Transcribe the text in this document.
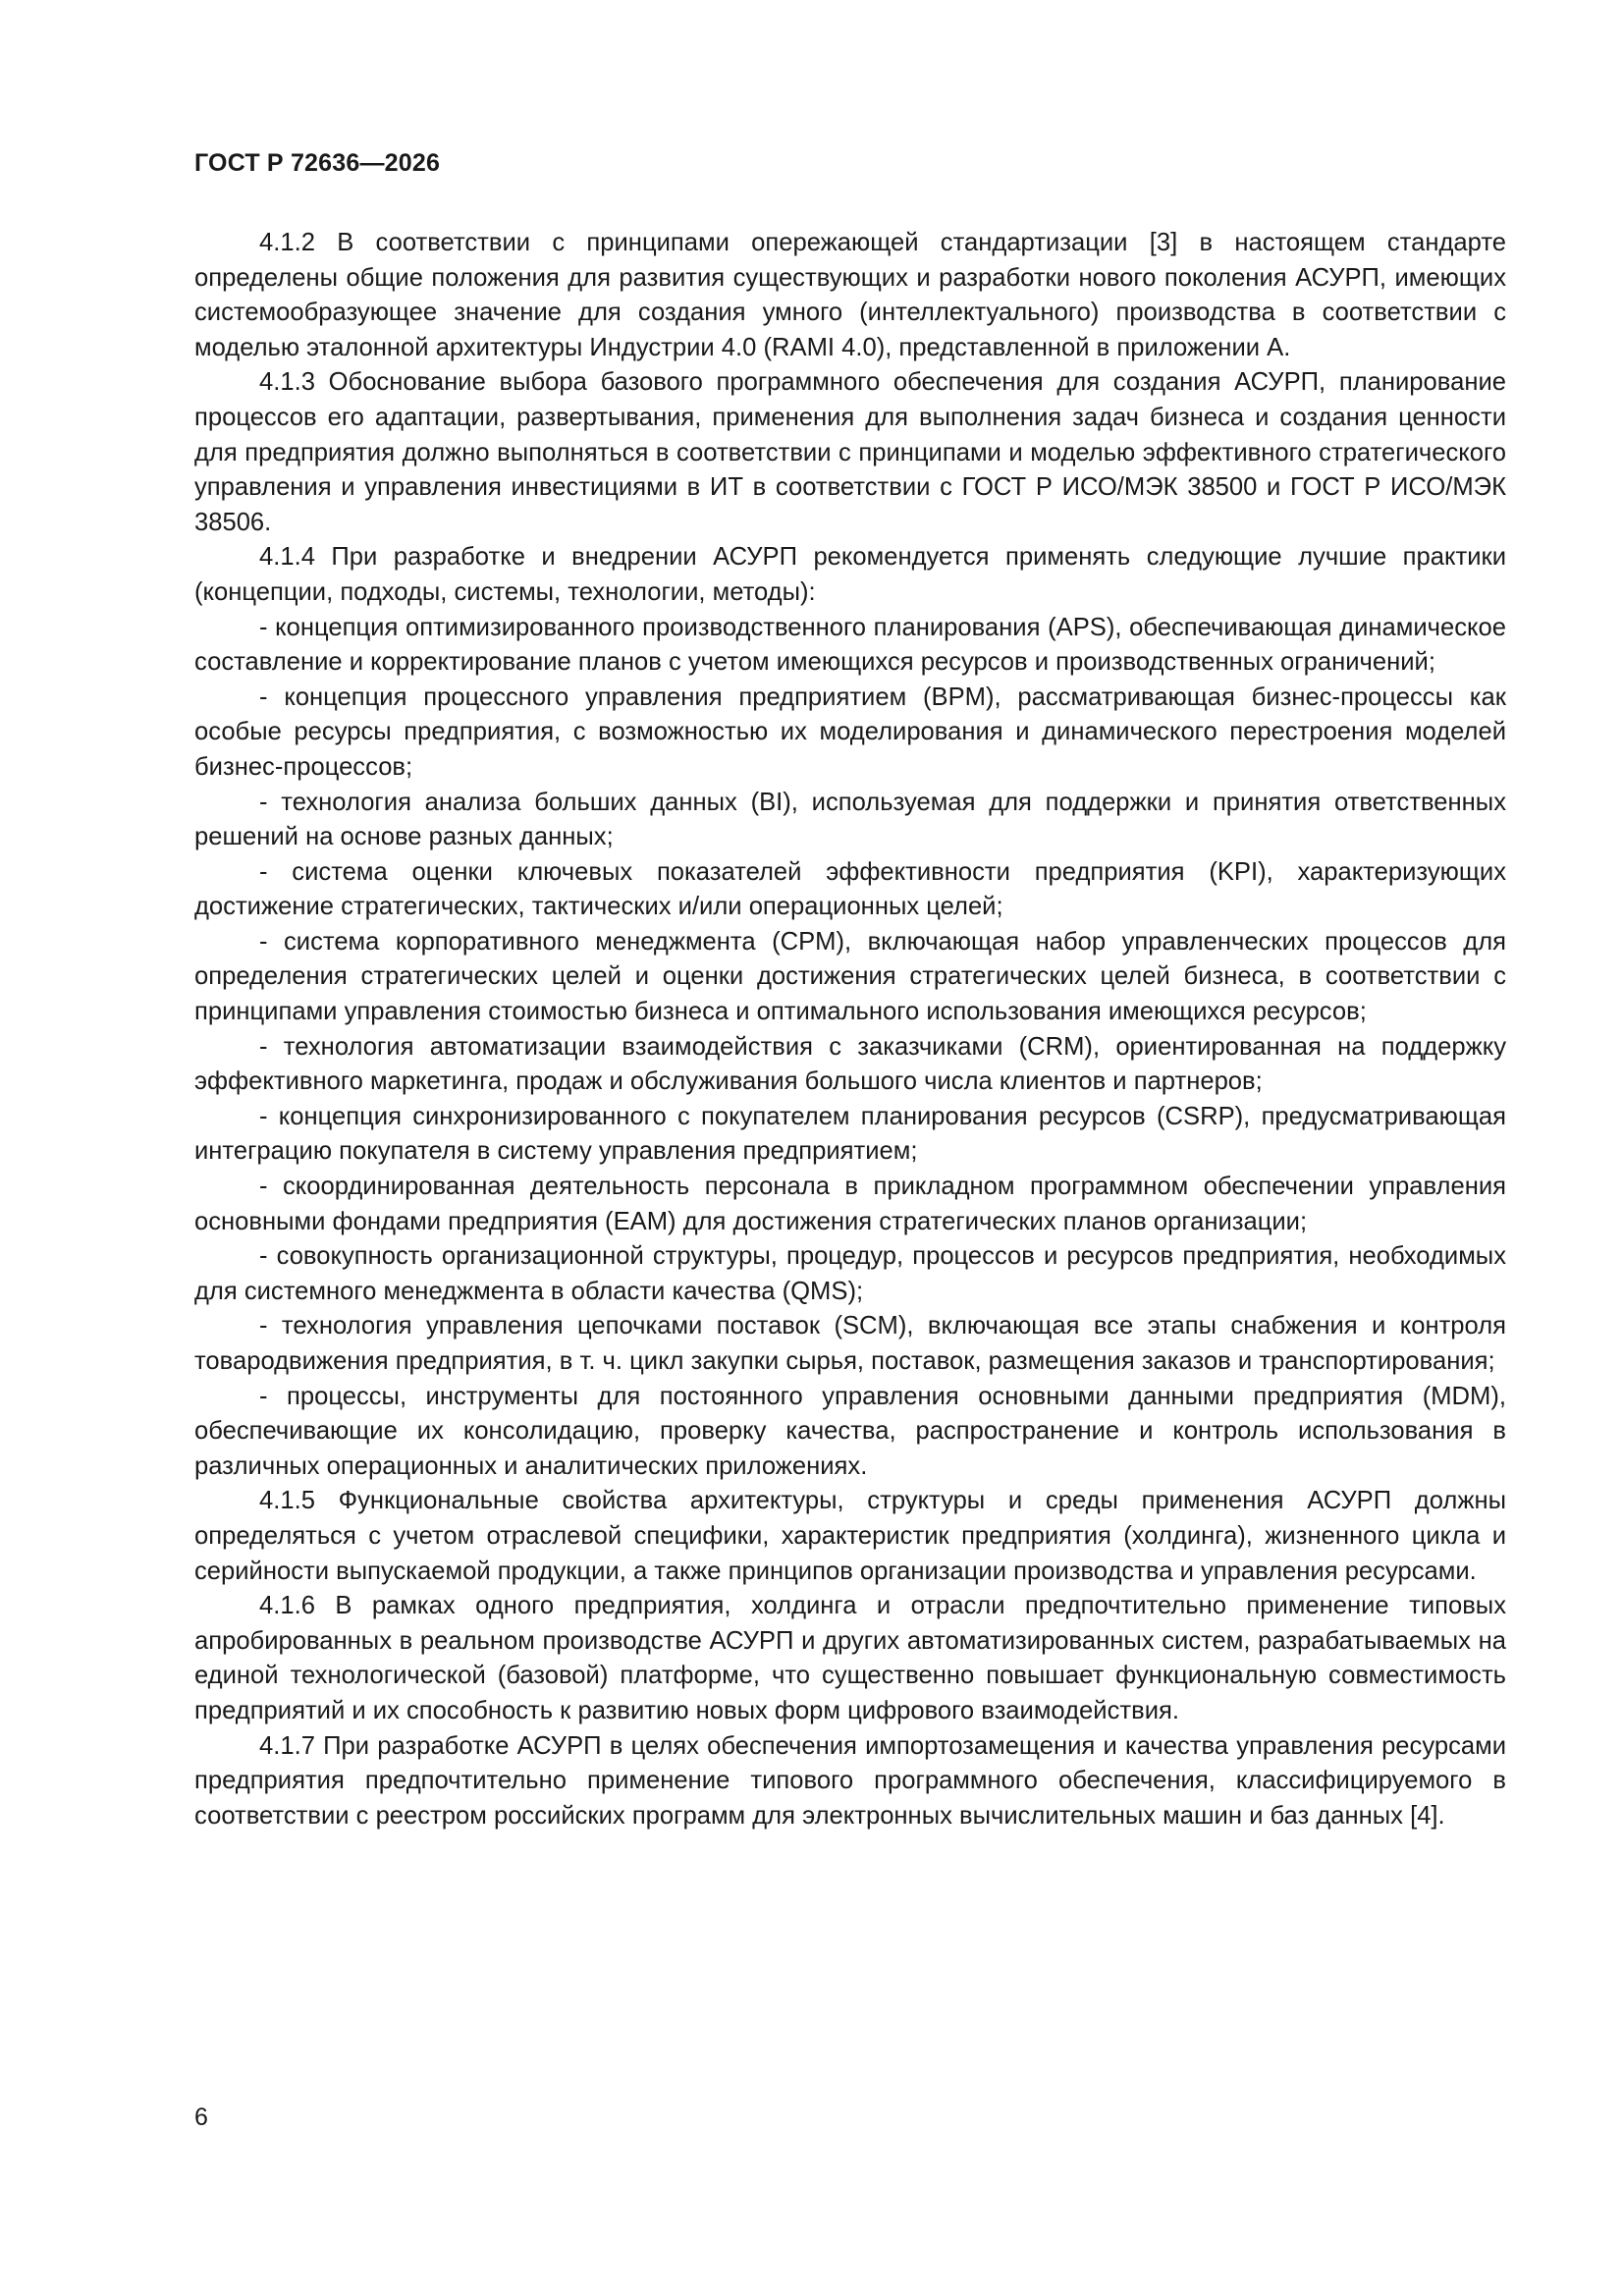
ГОСТ Р 72636—2026

4.1.2 В соответствии с принципами опережающей стандартизации [3] в настоящем стандарте определены общие положения для развития существующих и разработки нового поколения АСУРП, имеющих системообразующее значение для создания умного (интеллектуального) производства в соответствии с моделью эталонной архитектуры Индустрии 4.0 (RAMI 4.0), представленной в приложении А.

4.1.3 Обоснование выбора базового программного обеспечения для создания АСУРП, планирование процессов его адаптации, развертывания, применения для выполнения задач бизнеса и создания ценности для предприятия должно выполняться в соответствии с принципами и моделью эффективного стратегического управления и управления инвестициями в ИТ в соответствии с ГОСТ Р ИСО/МЭК 38500 и ГОСТ Р ИСО/МЭК 38506.

4.1.4 При разработке и внедрении АСУРП рекомендуется применять следующие лучшие практики (концепции, подходы, системы, технологии, методы):

- концепция оптимизированного производственного планирования (APS), обеспечивающая динамическое составление и корректирование планов с учетом имеющихся ресурсов и производственных ограничений;

- концепция процессного управления предприятием (BPM), рассматривающая бизнес-процессы как особые ресурсы предприятия, с возможностью их моделирования и динамического перестроения моделей бизнес-процессов;

- технология анализа больших данных (BI), используемая для поддержки и принятия ответственных решений на основе разных данных;

- система оценки ключевых показателей эффективности предприятия (KPI), характеризующих достижение стратегических, тактических и/или операционных целей;

- система корпоративного менеджмента (CPM), включающая набор управленческих процессов для определения стратегических целей и оценки достижения стратегических целей бизнеса, в соответствии с принципами управления стоимостью бизнеса и оптимального использования имеющихся ресурсов;

- технология автоматизации взаимодействия с заказчиками (CRM), ориентированная на поддержку эффективного маркетинга, продаж и обслуживания большого числа клиентов и партнеров;

- концепция синхронизированного с покупателем планирования ресурсов (CSRP), предусматривающая интеграцию покупателя в систему управления предприятием;

- скоординированная деятельность персонала в прикладном программном обеспечении управления основными фондами предприятия (EAM) для достижения стратегических планов организации;

- совокупность организационной структуры, процедур, процессов и ресурсов предприятия, необходимых для системного менеджмента в области качества (QMS);

- технология управления цепочками поставок (SCM), включающая все этапы снабжения и контроля товародвижения предприятия, в т. ч. цикл закупки сырья, поставок, размещения заказов и транспортирования;

- процессы, инструменты для постоянного управления основными данными предприятия (MDM), обеспечивающие их консолидацию, проверку качества, распространение и контроль использования в различных операционных и аналитических приложениях.

4.1.5 Функциональные свойства архитектуры, структуры и среды применения АСУРП должны определяться с учетом отраслевой специфики, характеристик предприятия (холдинга), жизненного цикла и серийности выпускаемой продукции, а также принципов организации производства и управления ресурсами.

4.1.6 В рамках одного предприятия, холдинга и отрасли предпочтительно применение типовых апробированных в реальном производстве АСУРП и других автоматизированных систем, разрабатываемых на единой технологической (базовой) платформе, что существенно повышает функциональную совместимость предприятий и их способность к развитию новых форм цифрового взаимодействия.

4.1.7 При разработке АСУРП в целях обеспечения импортозамещения и качества управления ресурсами предприятия предпочтительно применение типового программного обеспечения, классифицируемого в соответствии с реестром российских программ для электронных вычислительных машин и баз данных [4].

6
